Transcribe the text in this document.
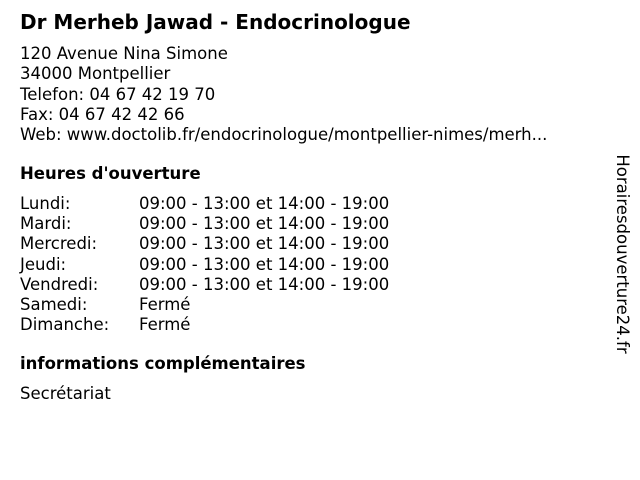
Dr Merheb Jawad - Endocrinologue
120 Avenue Nina Simone
34000 Montpellier
Telefon: 04 67 42 19 70
Fax: 04 67 42 42 66
Web: www.doctolib.fr/endocrinologue/montpellier-nimes/merh...
Heures d'ouverture
Lundi:	09:00 - 13:00 et 14:00 - 19:00
Mardi:	09:00 - 13:00 et 14:00 - 19:00
Mercredi:	09:00 - 13:00 et 14:00 - 19:00
Jeudi:	09:00 - 13:00 et 14:00 - 19:00
Vendredi: 09:00 - 13:00 et 14:00 - 19:00
Samedi:	Fermé
Dimanche: Fermé
informations complémentaires
Secrétariat
Horairesdouverture24.fr
